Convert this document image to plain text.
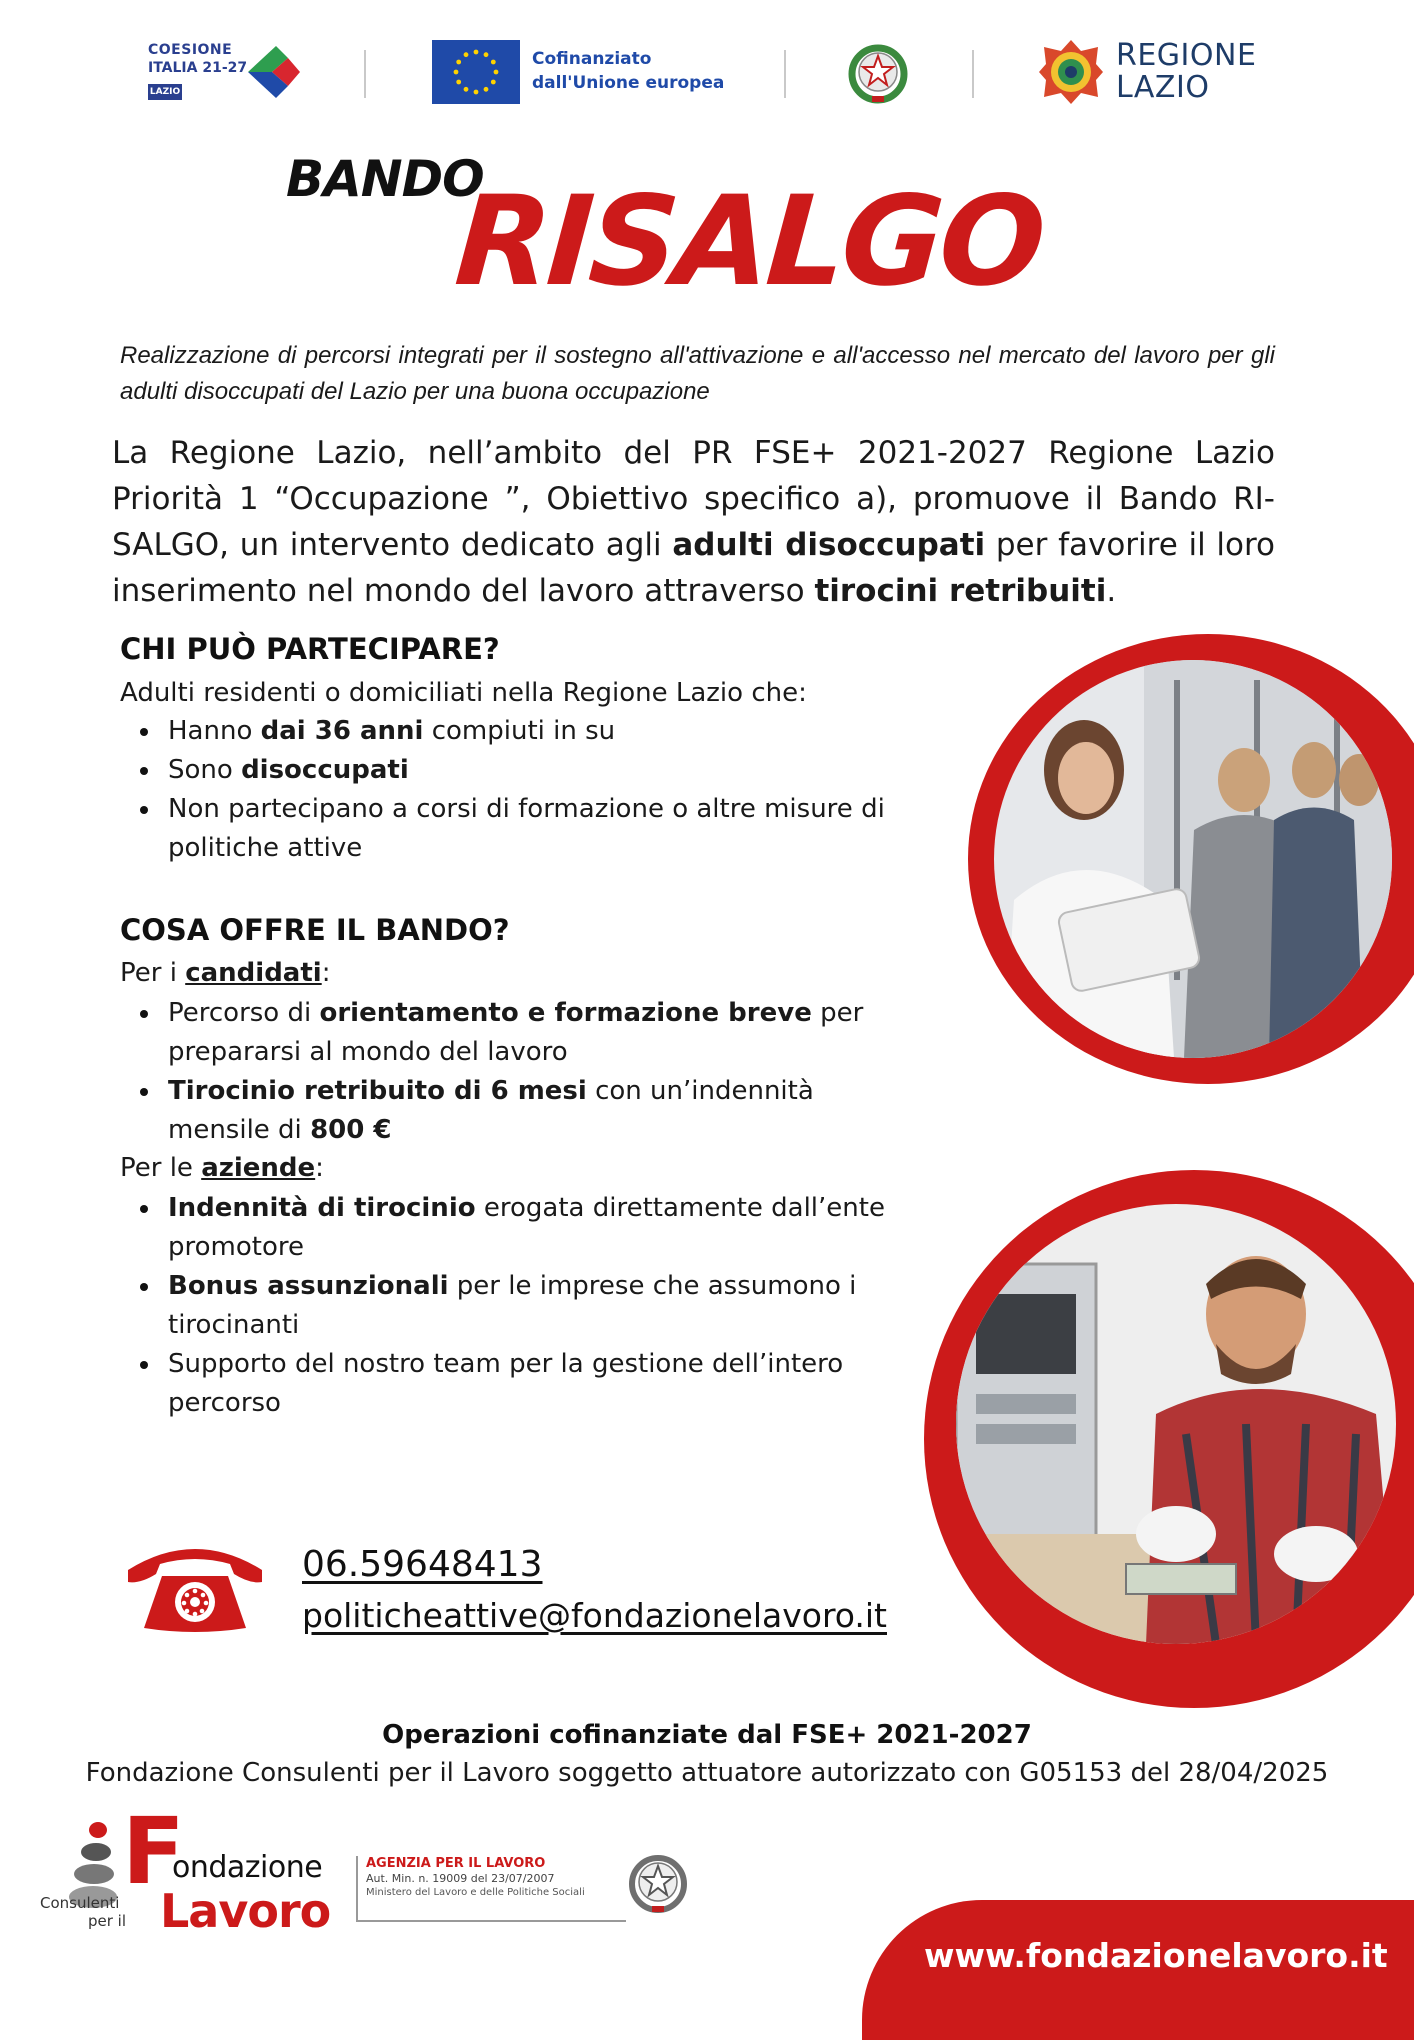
COESIONE
ITALIA 21-27
LAZIO
Cofinanziato
dall'Unione europea
REGIONE
LAZIO
BANDO
RISALGO
Realizzazione di percorsi integrati per il sostegno all'attivazione e all'accesso nel mercato del lavoro per gli adulti disoccupati del Lazio per una buona occupazione
La Regione Lazio, nell’ambito del PR FSE+ 2021-2027 Regione Lazio Priorità 1 “Occupazione ”, Obiettivo specifico a), promuove il Bando RI-SALGO, un intervento dedicato agli adulti disoccupati per favorire il loro inserimento nel mondo del lavoro attraverso tirocini retribuiti.
CHI PUÒ PARTECIPARE?
Adulti residenti o domiciliati nella Regione Lazio che:
Hanno dai 36 anni compiuti in su
Sono disoccupati
Non partecipano a corsi di formazione o altre misure di politiche attive
COSA OFFRE IL BANDO?
Per i candidati:
Percorso di orientamento e formazione breve per prepararsi al mondo del lavoro
Tirocinio retribuito di 6 mesi con un’indennità mensile di 800 €
Per le aziende:
Indennità di tirocinio erogata direttamente dall’ente promotore
Bonus assunzionali per le imprese che assumono i tirocinanti
Supporto del nostro team per la gestione dell’intero percorso
06.59648413
politicheattive@fondazionelavoro.it
Operazioni cofinanziate dal FSE+ 2021-2027
Fondazione Consulenti per il Lavoro soggetto attuatore autorizzato con G05153 del 28/04/2025
F
ondazione
Consulenti
per il Lavoro
AGENZIA PER IL LAVORO
Aut. Min. n. 19009 del 23/07/2007
Ministero del Lavoro e delle Politiche Sociali
www.fondazionelavoro.it
